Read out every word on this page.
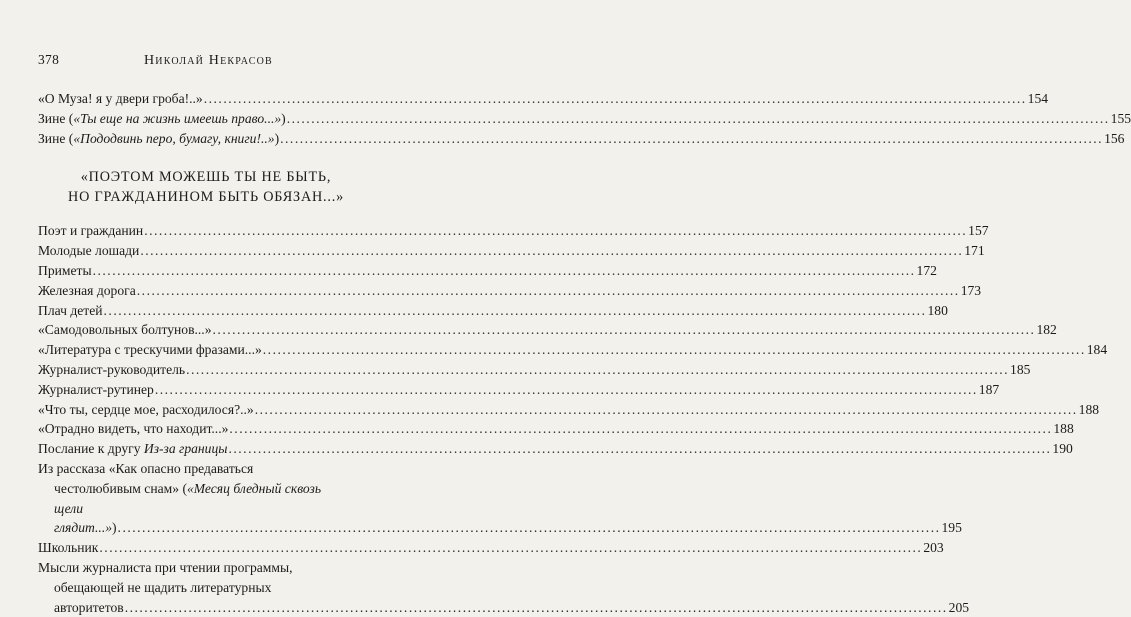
378	Николай Некрасов
«О Муза! я у двери гроба!..» .....	154
Зине («Ты еще на жизнь имеешь право...») .....	155
Зине («Пододвинь перо, бумагу, книги!..») .....	156
«ПОЭТОМ МОЖЕШЬ ТЫ НЕ БЫТЬ,
НО ГРАЖДАНИНОМ БЫТЬ ОБЯЗАН...»
Поэт и гражданин .....	157
Молодые лошади .....	171
Приметы .....	172
Железная дорога .....	173
Плач детей .....	180
«Самодовольных болтунов...» .....	182
«Литература с трескучими фразами...» .....	184
Журналист-руководитель .....	185
Журналист-рутинер .....	187
«Что ты, сердце мое, расходилося?..» .....	188
«Отрадно видеть, что находит...» .....	188
Послание к другу Из-за границы .....	190
Из рассказа «Как опасно предаваться
честолюбивым снам» («Месяц бледный сквозь
щели глядит...») .....	195
Школьник .....	203
Мысли журналиста при чтении программы,
обещающей не щадить литературных
авторитетов .....	205
